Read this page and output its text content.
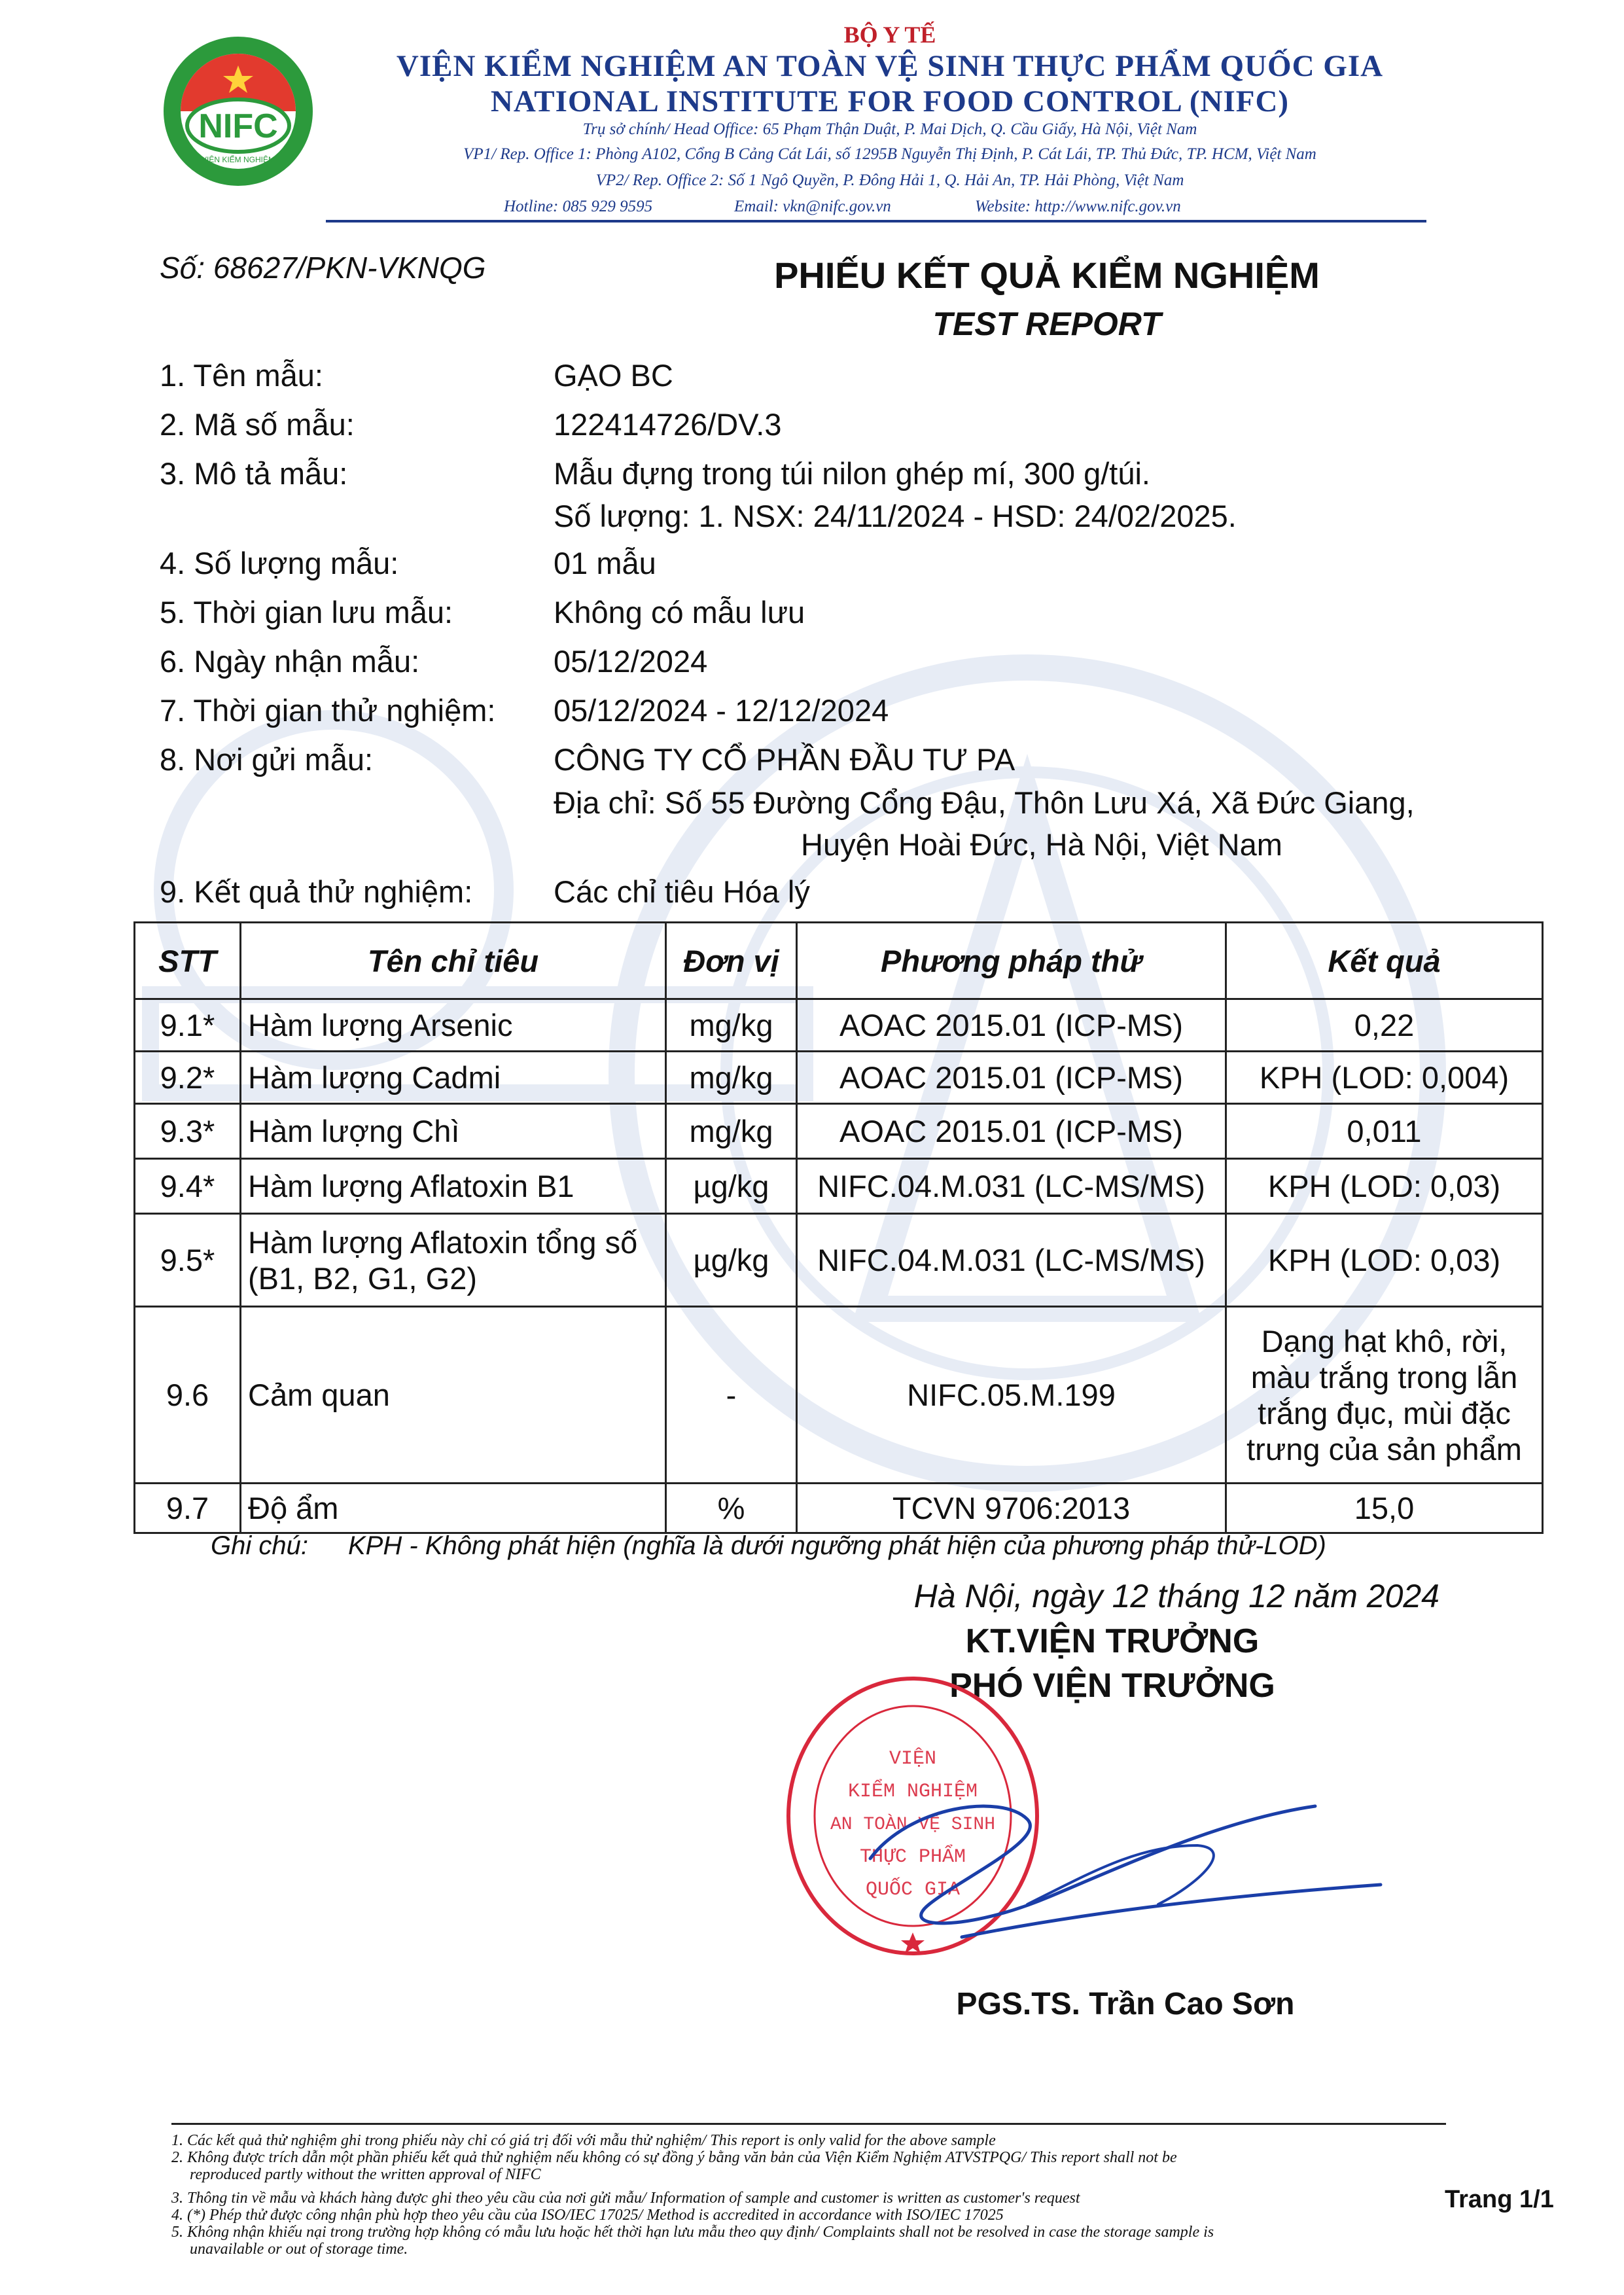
NIFC
VIỆN KIỂM NGHIỆM
BỘ Y TẾ
VIỆN KIỂM NGHIỆM AN TOÀN VỆ SINH THỰC PHẨM QUỐC GIA
NATIONAL INSTITUTE FOR FOOD CONTROL (NIFC)
Trụ sở chính/ Head Office: 65 Phạm Thận Duật, P. Mai Dịch, Q. Cầu Giấy, Hà Nội, Việt Nam
VP1/ Rep. Office 1: Phòng A102, Cổng B Cảng Cát Lái, số 1295B Nguyễn Thị Định, P. Cát Lái, TP. Thủ Đức, TP. HCM, Việt Nam
VP2/ Rep. Office 2: Số 1 Ngô Quyền, P. Đông Hải 1, Q. Hải An, TP. Hải Phòng, Việt Nam
Hotline: 085 929 9595	Email: vkn@nifc.gov.vn	Website: http://www.nifc.gov.vn
Số: 68627/PKN-VKNQG	PHIẾU KẾT QUẢ KIỂM NGHIỆM
TEST REPORT
1. Tên mẫu:	GẠO BC
2. Mã số mẫu:	122414726/DV.3
3. Mô tả mẫu:	Mẫu đựng trong túi nilon ghép mí, 300 g/túi.
Số lượng: 1. NSX: 24/11/2024 - HSD: 24/02/2025.
4. Số lượng mẫu:	01 mẫu
5. Thời gian lưu mẫu:	Không có mẫu lưu
6. Ngày nhận mẫu:	05/12/2024
7. Thời gian thử nghiệm: 05/12/2024 - 12/12/2024
8. Nơi gửi mẫu:	CÔNG TY CỔ PHẦN ĐẦU TƯ PA
Địa chỉ: Số 55 Đường Cổng Đậu, Thôn Lưu Xá, Xã Đức Giang,
Huyện Hoài Đức, Hà Nội, Việt Nam
9. Kết quả thử nghiệm:	Các chỉ tiêu Hóa lý
STT	Tên chỉ tiêu	Đơn vị	Phương pháp thử	Kết quả
9.1*	Hàm lượng Arsenic	mg/kg	AOAC 2015.01 (ICP-MS)	0,22
9.2*	Hàm lượng Cadmi	mg/kg	AOAC 2015.01 (ICP-MS)	KPH (LOD: 0,004)
9.3*	Hàm lượng Chì	mg/kg	AOAC 2015.01 (ICP-MS)	0,011
9.4*	Hàm lượng Aflatoxin B1	µg/kg	NIFC.04.M.031 (LC-MS/MS)	KPH (LOD: 0,03)
9.5*	Hàm lượng Aflatoxin tổng số (B1, B2, G1, G2)	µg/kg	NIFC.04.M.031 (LC-MS/MS)	KPH (LOD: 0,03)
9.6	Cảm quan	-	NIFC.05.M.199	Dạng hạt khô, rời, màu trắng trong lẫn trắng đục, mùi đặc trưng của sản phẩm
9.7	Độ ẩm	%	TCVN 9706:2013	15,0
Ghi chú: KPH - Không phát hiện (nghĩa là dưới ngưỡng phát hiện của phương pháp thử-LOD)
Hà Nội, ngày 12 tháng 12 năm 2024
KT.VIỆN TRƯỞNG
PHÓ VIỆN TRƯỞNG
VIỆN
KIỂM NGHIỆM
AN TOÀN VỆ SINH
THỰC PHẨM
QUỐC GIA
PGS.TS. Trần Cao Sơn
1. Các kết quả thử nghiệm ghi trong phiếu này chỉ có giá trị đối với mẫu thử nghiệm/ This report is only valid for the above sample
2. Không được trích dẫn một phần phiếu kết quả thử nghiệm nếu không có sự đồng ý bằng văn bản của Viện Kiểm Nghiệm ATVSTPQG/ This report shall not be
reproduced partly without the written approval of NIFC
3. Thông tin về mẫu và khách hàng được ghi theo yêu cầu của nơi gửi mẫu/ Information of sample and customer is written as customer's request
4. (*) Phép thử được công nhận phù hợp theo yêu cầu của ISO/IEC 17025/ Method is accredited in accordance with ISO/IEC 17025
5. Không nhận khiếu nại trong trường hợp không có mẫu lưu hoặc hết thời hạn lưu mẫu theo quy định/ Complaints shall not be resolved in case the storage sample is
unavailable or out of storage time.
Trang 1/1
